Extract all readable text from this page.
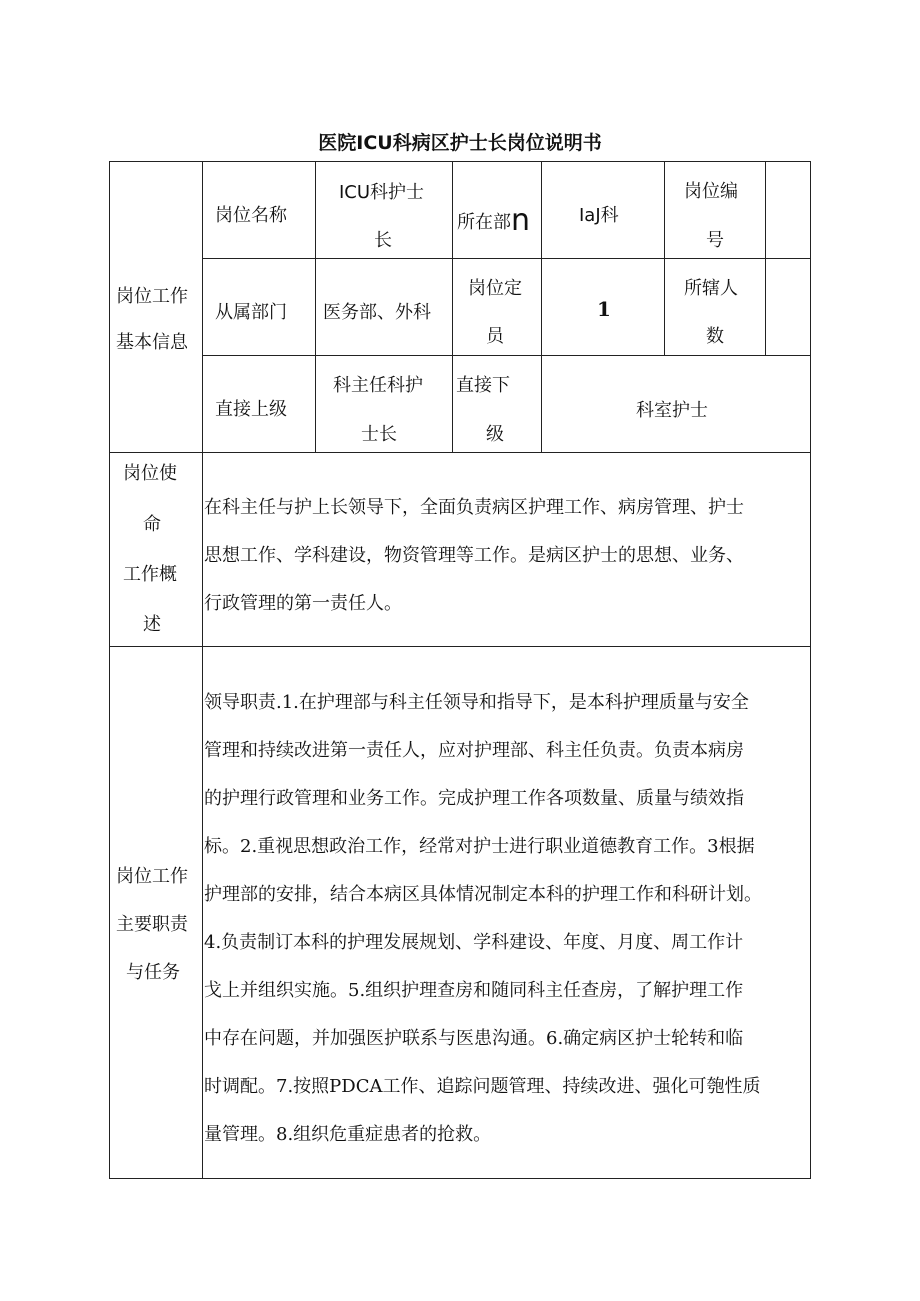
医院ICU科病区护士长岗位说明书
岗位工作
基本信息
岗位名称
ICU科护士
长
所在部n	IaJ科
岗位编
号
从属部门 医务部、外科
岗位定
员
1
所辖人
数
直接上级
科主任科护
士长
直接下
级
科室护士
岗位使
命
工作概
述
在科主任与护上长领导下，全面负责病区护理工作、病房管理、护士
思想工作、学科建设，物资管理等工作。是病区护士的思想、业务、
行政管理的第一责任人。
岗位工作
主要职责
与任务
领导职责.1.在护理部与科主任领导和指导下，是本科护理质量与安全
管理和持续改进第一责任人，应对护理部、科主任负责。负责本病房
的护理行政管理和业务工作。完成护理工作各项数量、质量与绩效指
标。2.重视思想政治工作，经常对护士进行职业道德教育工作。3根据
护理部的安排，结合本病区具体情况制定本科的护理工作和科研计划。
4.负责制订本科的护理发展规划、学科建设、年度、月度、周工作计
戈上并组织实施。5.组织护理查房和随同科主任查房，了解护理工作
中存在问题，并加强医护联系与医患沟通。6.确定病区护士轮转和临
时调配。7.按照PDCA工作、追踪问题管理、持续改进、强化可匏性质
量管理。8.组织危重症患者的抢救。
